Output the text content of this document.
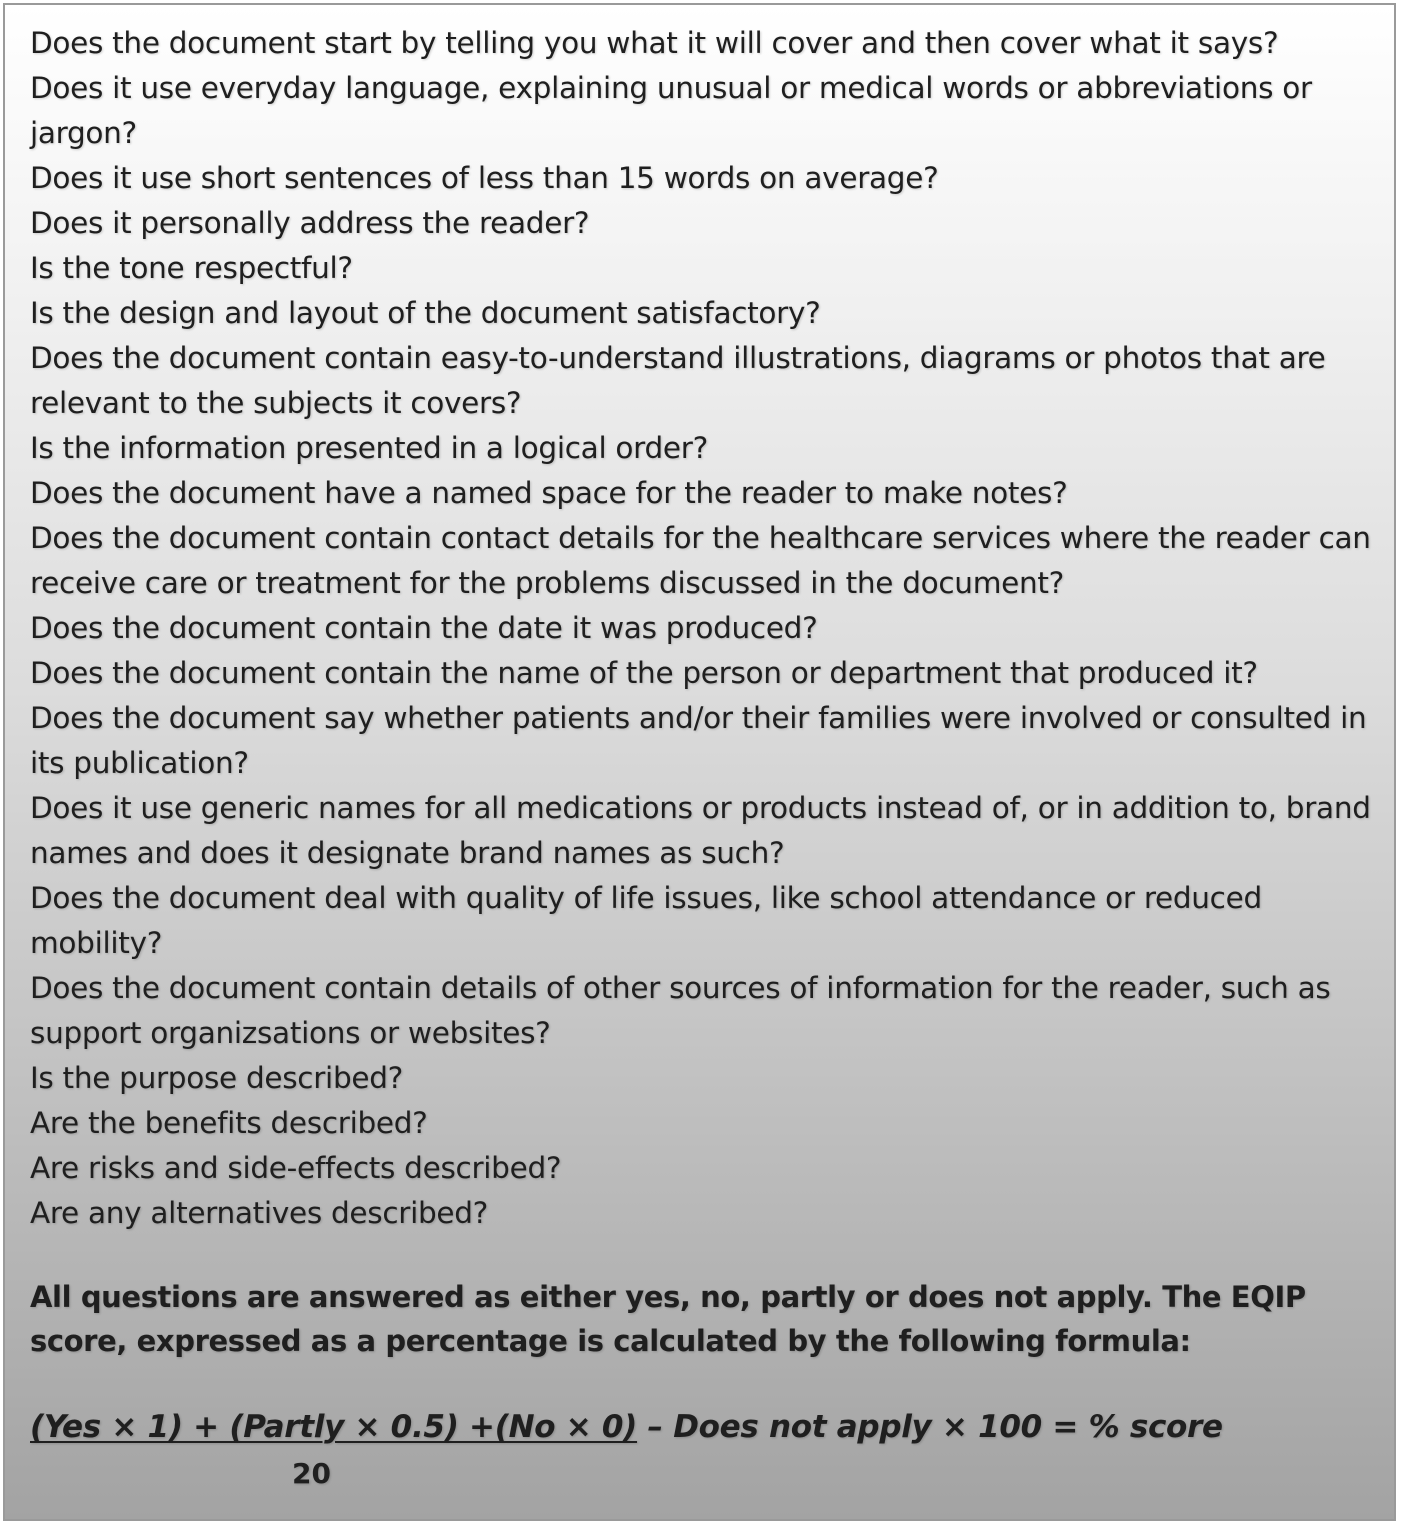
Does the document start by telling you what it will cover and then cover what it says?
Does it use everyday language, explaining unusual or medical words or abbreviations or jargon?
Does it use short sentences of less than 15 words on average?
Does it personally address the reader?
Is the tone respectful?
Is the design and layout of the document satisfactory?
Does the document contain easy-to-understand illustrations, diagrams or photos that are relevant to the subjects it covers?
Is the information presented in a logical order?
Does the document have a named space for the reader to make notes?
Does the document contain contact details for the healthcare services where the reader can receive care or treatment for the problems discussed in the document?
Does the document contain the date it was produced?
Does the document contain the name of the person or department that produced it?
Does the document say whether patients and/or their families were involved or consulted in its publication?
Does it use generic names for all medications or products instead of, or in addition to, brand names and does it designate brand names as such?
Does the document deal with quality of life issues, like school attendance or reduced mobility?
Does the document contain details of other sources of information for the reader, such as support organizsations or websites?
Is the purpose described?
Are the benefits described?
Are risks and side-effects described?
Are any alternatives described?

All questions are answered as either yes, no, partly or does not apply. The EQIP score, expressed as a percentage is calculated by the following formula:

(Yes × 1) + (Partly × 0.5) +(No × 0) – Does not apply × 100 = % score
20
